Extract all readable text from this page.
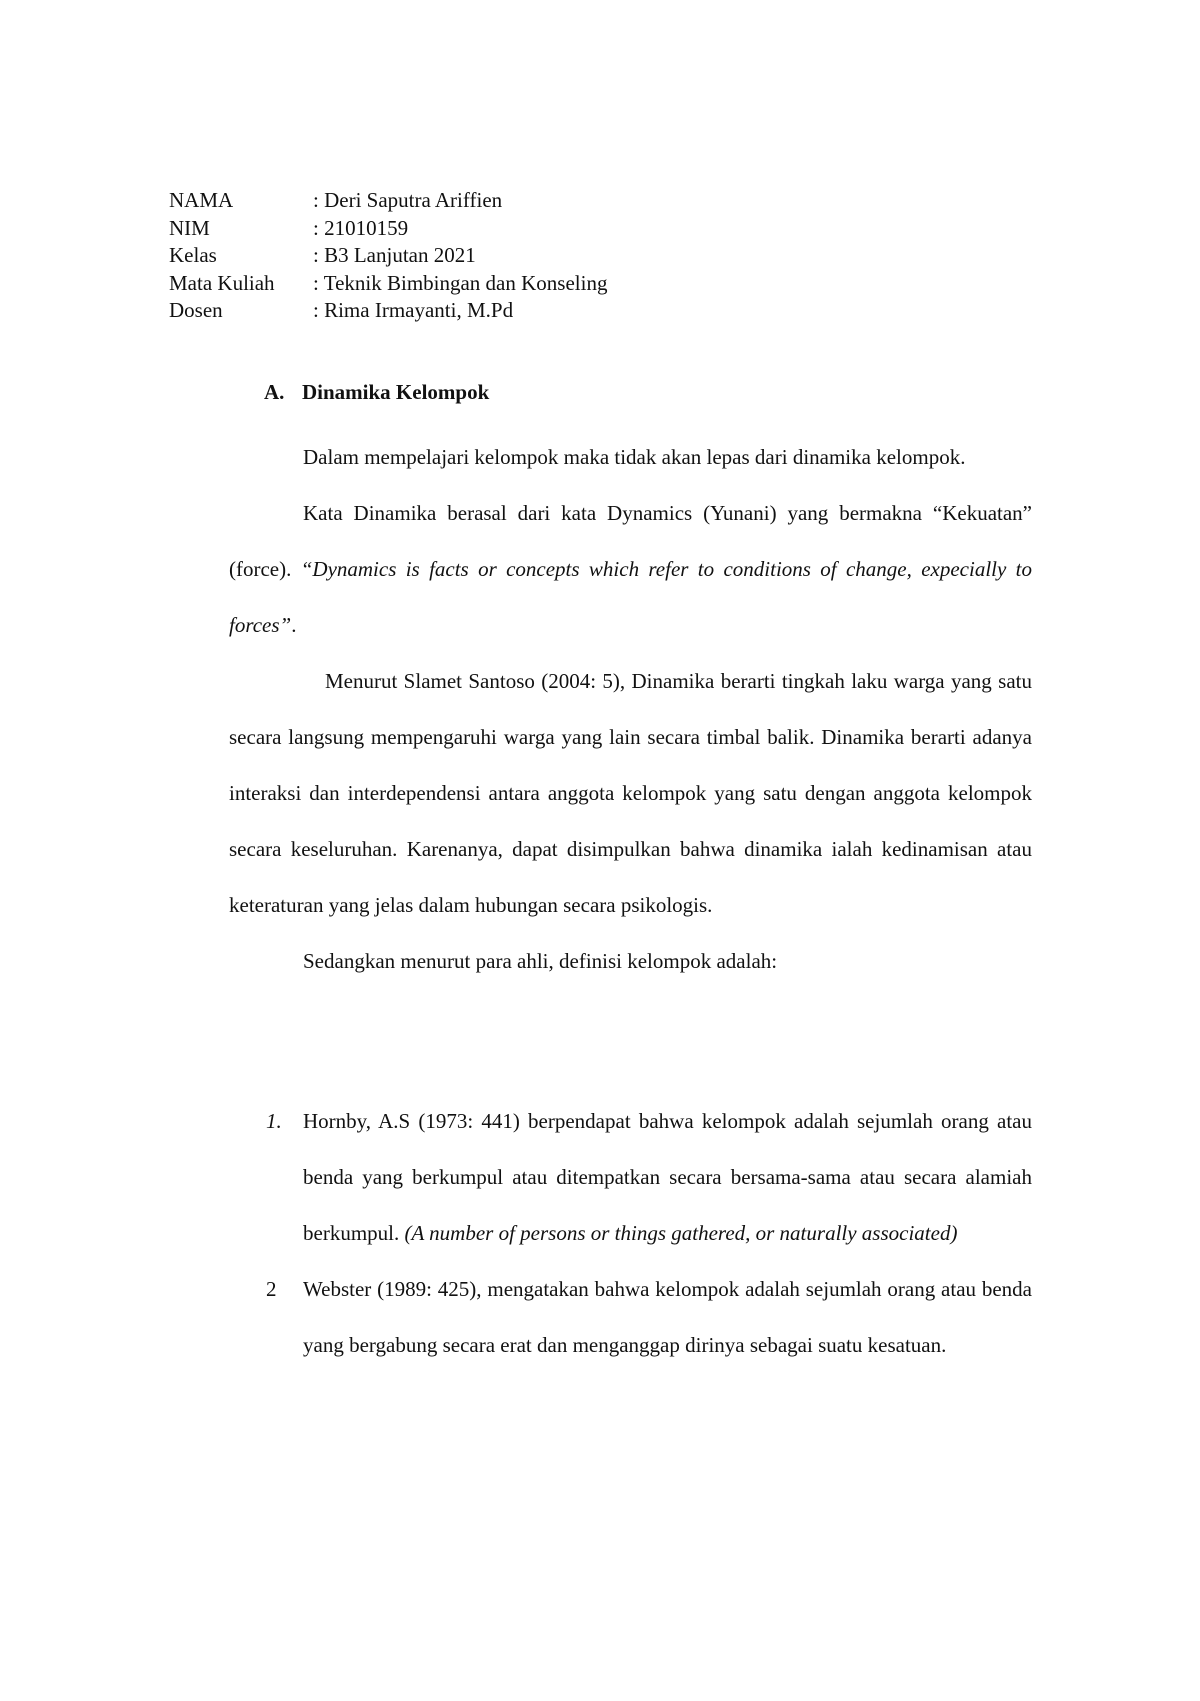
NAMA	: Deri Saputra Ariffien
NIM	: 21010159
Kelas	: B3 Lanjutan 2021
Mata Kuliah	: Teknik Bimbingan dan Konseling
Dosen	: Rima Irmayanti, M.Pd
A. Dinamika Kelompok

Dalam mempelajari kelompok maka tidak akan lepas dari dinamika kelompok.

Kata Dinamika berasal dari kata Dynamics (Yunani) yang bermakna “Kekuatan” (force). “Dynamics is facts or concepts which refer to conditions of change, expecially to forces”.

Menurut Slamet Santoso (2004: 5), Dinamika berarti tingkah laku warga yang satu secara langsung mempengaruhi warga yang lain secara timbal balik. Dinamika berarti adanya interaksi dan interdependensi antara anggota kelompok yang satu dengan anggota kelompok secara keseluruhan. Karenanya, dapat disimpulkan bahwa dinamika ialah kedinamisan atau keteraturan yang jelas dalam hubungan secara psikologis.

Sedangkan menurut para ahli, definisi kelompok adalah:

1. Hornby, A.S (1973: 441) berpendapat bahwa kelompok adalah sejumlah orang atau benda yang berkumpul atau ditempatkan secara bersama-sama atau secara alamiah berkumpul. (A number of persons or things gathered, or naturally associated)
2 Webster (1989: 425), mengatakan bahwa kelompok adalah sejumlah orang atau benda yang bergabung secara erat dan menganggap dirinya sebagai suatu kesatuan.
